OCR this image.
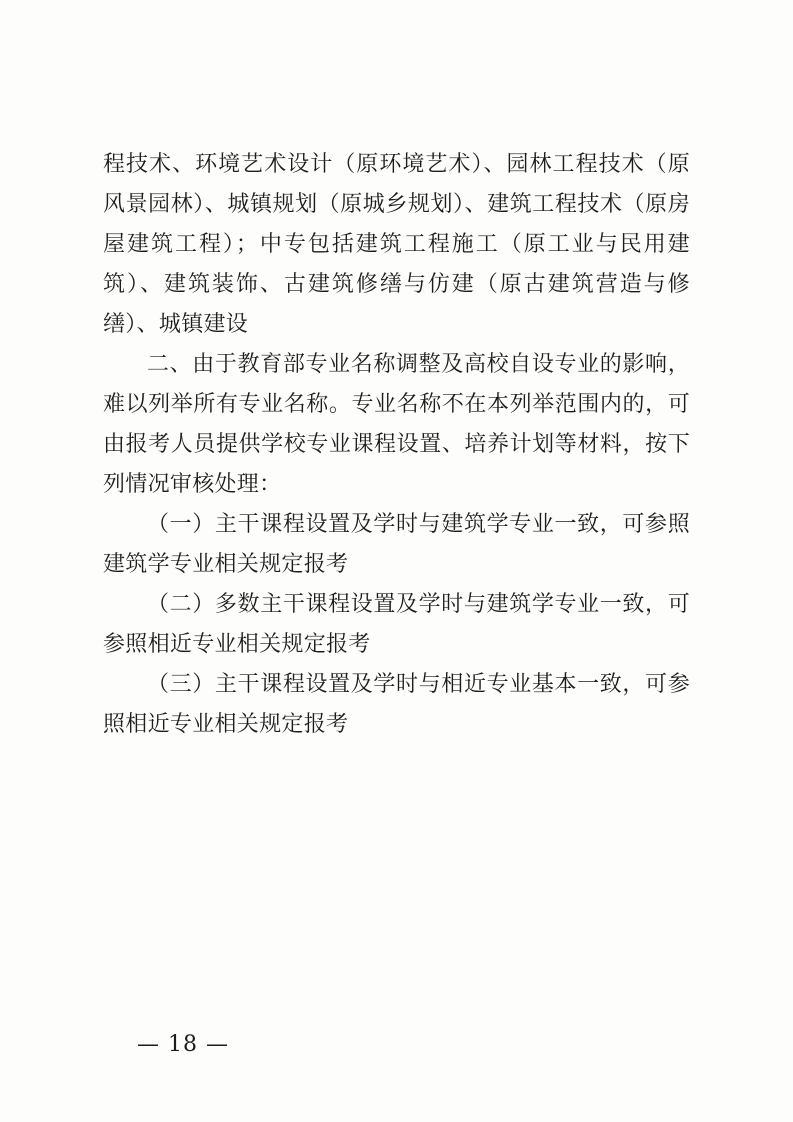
程技术、环境艺术设计（原环境艺术）、园林工程技术（原风景园林）、城镇规划（原城乡规划）、建筑工程技术（原房屋建筑工程）；中专包括建筑工程施工（原工业与民用建筑）、建筑装饰、古建筑修缮与仿建（原古建筑营造与修缮）、城镇建设

二、由于教育部专业名称调整及高校自设专业的影响，难以列举所有专业名称。专业名称不在本列举范围内的，可由报考人员提供学校专业课程设置、培养计划等材料，按下列情况审核处理：

（一）主干课程设置及学时与建筑学专业一致，可参照建筑学专业相关规定报考

（二）多数主干课程设置及学时与建筑学专业一致，可参照相近专业相关规定报考

（三）主干课程设置及学时与相近专业基本一致，可参照相近专业相关规定报考

— 18 —
